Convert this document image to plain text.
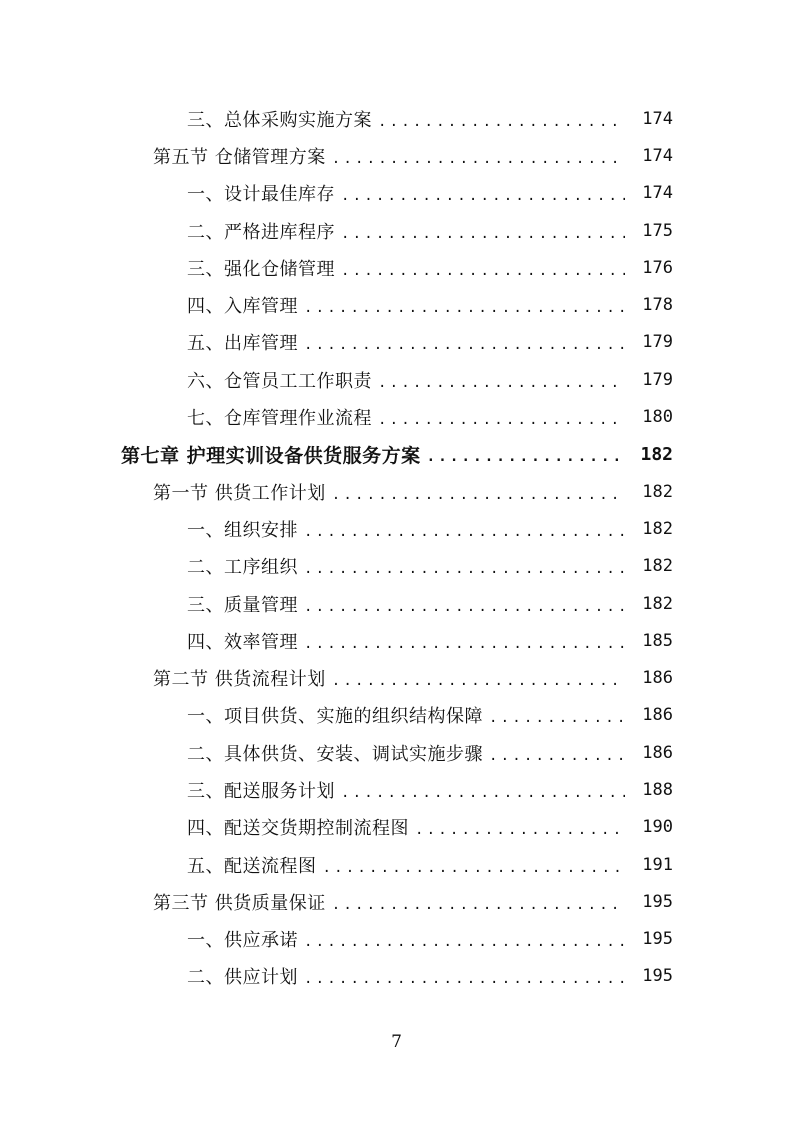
三、总体采购实施方案 .....	174
第五节 仓储管理方案 .....	174
一、设计最佳库存 .....	174
二、严格进库程序 .....	175
三、强化仓储管理 .....	176
四、入库管理 .....	178
五、出库管理 .....	179
六、仓管员工工作职责 .....	179
七、仓库管理作业流程 .....	180
第七章 护理实训设备供货服务方案 .....	182
第一节 供货工作计划 .....	182
一、组织安排 .....	182
二、工序组织 .....	182
三、质量管理 .....	182
四、效率管理 .....	185
第二节 供货流程计划 .....	186
一、项目供货、实施的组织结构保障 .....	186
二、具体供货、安装、调试实施步骤 .....	186
三、配送服务计划 .....	188
四、配送交货期控制流程图 .....	190
五、配送流程图 .....	191
第三节 供货质量保证 .....	195
一、供应承诺 .....	195
二、供应计划 .....	195
7
